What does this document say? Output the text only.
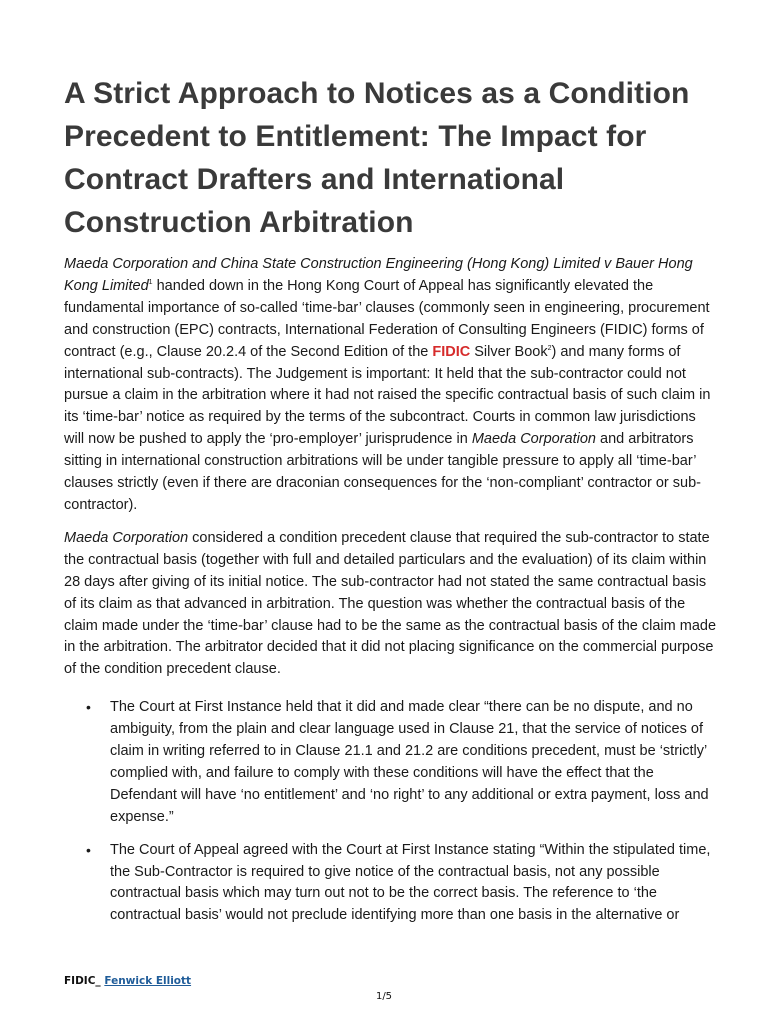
A Strict Approach to Notices as a Condition Precedent to Entitlement: The Impact for Contract Drafters and International Construction Arbitration

Maeda Corporation and China State Construction Engineering (Hong Kong) Limited v Bauer Hong Kong Limited$^1$ handed down in the Hong Kong Court of Appeal has significantly elevated the fundamental importance of so-called ‘time-bar’ clauses (commonly seen in engineering, procurement and construction (EPC) contracts, International Federation of Consulting Engineers (FIDIC) forms of contract (e.g., Clause 20.2.4 of the Second Edition of the FIDIC Silver Book$^2$) and many forms of international sub-contracts). The Judgement is important: It held that the sub-contractor could not pursue a claim in the arbitration where it had not raised the specific contractual basis of such claim in its ‘time-bar’ notice as required by the terms of the subcontract. Courts in common law jurisdictions will now be pushed to apply the ‘pro-employer’ jurisprudence in Maeda Corporation and arbitrators sitting in international construction arbitrations will be under tangible pressure to apply all ‘time-bar’ clauses strictly (even if there are draconian consequences for the ‘non-compliant’ contractor or sub-contractor).

Maeda Corporation considered a condition precedent clause that required the sub-contractor to state the contractual basis (together with full and detailed particulars and the evaluation) of its claim within 28 days after giving of its initial notice. The sub-contractor had not stated the same contractual basis of its claim as that advanced in arbitration. The question was whether the contractual basis of the claim made under the ‘time-bar’ clause had to be the same as the contractual basis of the claim made in the arbitration. The arbitrator decided that it did not placing significance on the commercial purpose of the condition precedent clause.

• The Court at First Instance held that it did and made clear “there can be no dispute, and no ambiguity, from the plain and clear language used in Clause 21, that the service of notices of claim in writing referred to in Clause 21.1 and 21.2 are conditions precedent, must be ‘strictly’ complied with, and failure to comply with these conditions will have the effect that the Defendant will have ‘no entitlement’ and ‘no right’ to any additional or extra payment, loss and expense.”
• The Court of Appeal agreed with the Court at First Instance stating “Within the stipulated time, the Sub-Contractor is required to give notice of the contractual basis, not any possible contractual basis which may turn out not to be the correct basis. The reference to ‘the contractual basis’ would not preclude identifying more than one basis in the alternative or
FIDIC_ Fenwick Elliott
1/5
